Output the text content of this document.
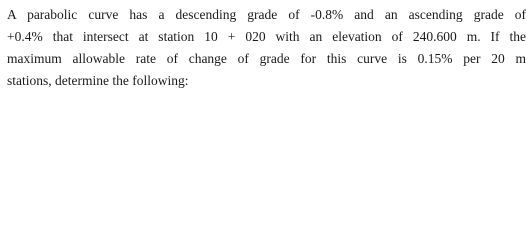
A parabolic curve has a descending grade of -0.8% and an ascending grade of
+0.4% that intersect at station 10 + 020 with an elevation of 240.600 m. If the
maximum allowable rate of change of grade for this curve is 0.15% per 20 m
stations, determine the following:
